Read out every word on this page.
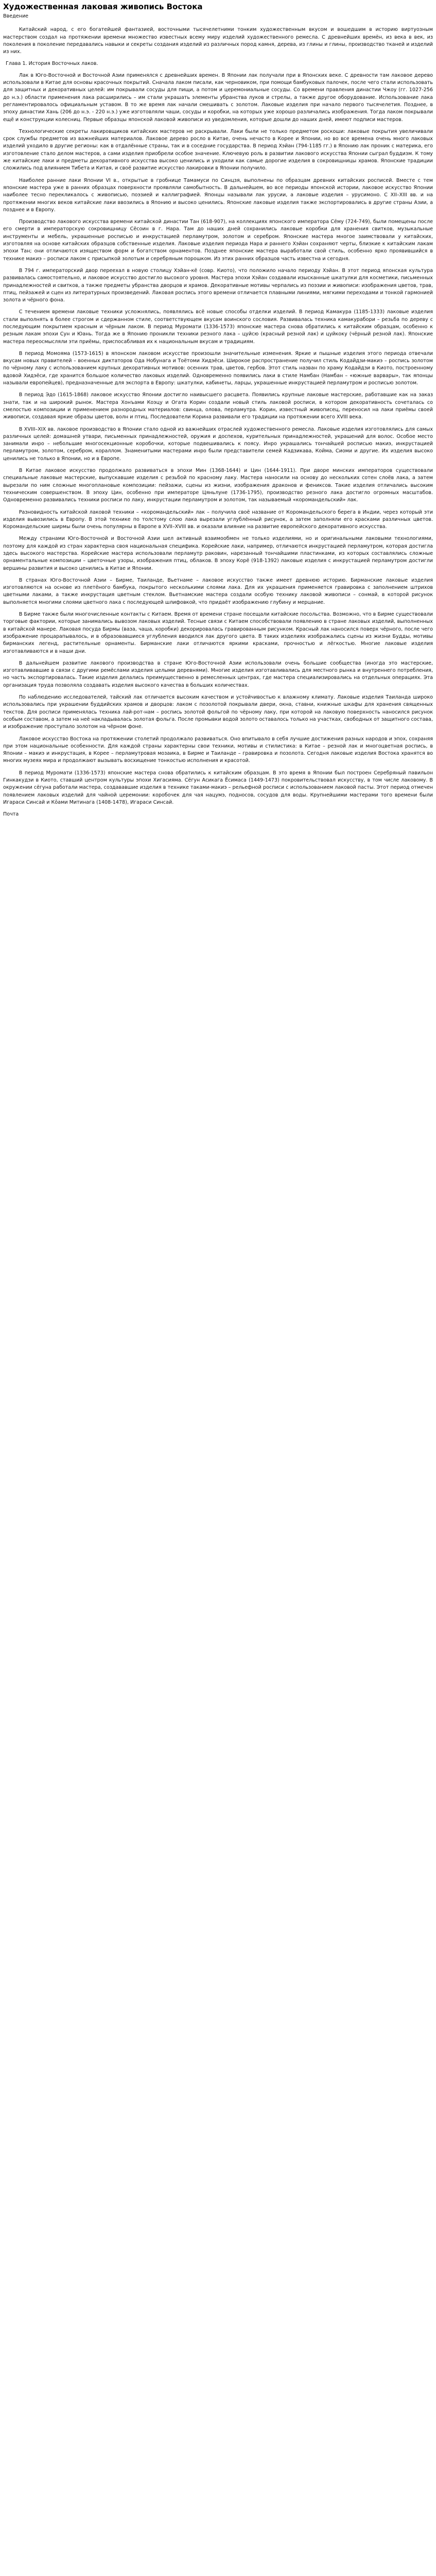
Художественная лаковая живопись Востока
Введение

Китайский народ, с его богатейшей фантазией, восточными тысячелетними тонким художественным вкусом и вошедшим в историю виртуозным мастерством создал на протяжении времени множество известных всему миру изделий художественного ремесла. С древнейших времён, из века в век, из поколения в поколение передавались навыки и секреты создания изделий из различных пород камня, дерева, из глины и глины, производство тканей и изделий из них.

Глава 1. История Восточных лаков.

Лак в Юго-Восточной и Восточной Азии применялся с древнейших времен. В Японии лак получали при в Японских веке. С древности там лаковое дерево использовали в Китае для основы красочных покрытий. Сначала лаком писали, как черновиком, при помощи бамбуковых палочек, после чего стали использовать для защитных и декоративных целей: им покрывали сосуды для пищи, а потом и церемониальные сосуды. Со времени правления династии Чжоу (гг. 1027-256 до н.э.) области применения лака расширились – им стали украшать элементы убранства луков и стрелы, а также другое оборудование. Использование лака регламентировалось официальным уставом. В то же время лак начали смешивать с золотом. Лаковые изделия при начало первого тысячелетия. Позднее, в эпоху династии Хань (206 до н.э. - 220 н.э.) уже изготовляли чаши, сосуды и коробки, на которых уже хорошо различались изображения. Тогда лаком покрывали ещё и конструкции колесниц. Первые образцы японской лаковой живописи из уведомления, которые дошли до наших дней, имеют подписи мастеров.

Технологические секреты лакировщиков китайских мастеров не раскрывали. Лаки были не только предметом роскоши: лаковые покрытия увеличивали срок службы предметов из важнейших материалов. Лаковое дерево росло в Китае, очень нечасто в Корее и Японии, но во все времена очень много лаковых изделий уходило в другие регионы: как в отдалённые страны, так и в соседние государства. В период Хэйан (794-1185 гг.) в Японию лак проник с материка, его изготовление стало делом мастеров, а сами изделия приобрели особое значение. Ключевую роль в развитии лакового искусства Японии сыграл буддизм. К тому же китайские лаки и предметы декоративного искусства высоко ценились и уходили как самые дорогие изделия в сокровищницы храмов. Японские традиции сложились под влиянием Тибета и Китая, и своё развитие искусство лакировки в Японии получило.

Наиболее ранние лаки Японии VI в., открытые в гробнице Тамамуси по Синцзя, выполнены по образцам древних китайских росписей. Вместе с тем японские мастера уже в ранних образцах поверхности проявляли самобытность. В дальнейшем, во все периоды японской истории, лаковое искусство Японии наиболее тесно перекликалось с живописью, поэзией и каллиграфией. Японцы называли лак урусии, а лаковые изделия – урусимоно. С XII–XIII вв. и на протяжении многих веков китайские лаки ввозились в Японию и высоко ценились. Японские лаковые изделия также экспортировались в другие страны Азии, а позднее и в Европу.

Производство лакового искусства времени китайской династии Тан (618-907), на коллекциях японского императора Сёму (724-749), были помещены после его смерти в императорскую сокровищницу Сёсоин в г. Нара. Там до наших дней сохранились лаковые коробки для хранения свитков, музыкальные инструменты и мебель, украшенные росписью и инкрустацией перламутром, золотом и серебром. Японские мастера многое заимствовали у китайских, изготовляя на основе китайских образцов собственные изделия. Лаковые изделия периода Нара и раннего Хэйан сохраняют черты, близкие к китайским лакам эпохи Тан; они отличаются изяществом форм и богатством орнаментов. Позднее японские мастера выработали свой стиль, особенно ярко проявившийся в технике макиэ – росписи лаком с присыпкой золотым и серебряным порошком. Из этих ранних образцов часть известна и сегодня.

В 794 г. императорский двор переехал в новую столицу Хэйан-кё (совр. Киото), что положило начало периоду Хэйан. В этот период японская культура развивалась самостоятельно, и лаковое искусство достигло высокого уровня. Мастера эпохи Хэйан создавали изысканные шкатулки для косметики, письменных принадлежностей и свитков, а также предметы убранства дворцов и храмов. Декоративные мотивы черпались из поэзии и живописи: изображения цветов, трав, птиц, пейзажей и сцен из литературных произведений. Лаковая роспись этого времени отличается плавными линиями, мягкими переходами и тонкой гармонией золота и чёрного фона.

С течением времени лаковые техники усложнялись, появлялись всё новые способы отделки изделий. В период Камакура (1185-1333) лаковые изделия стали выполнять в более строгом и сдержанном стиле, соответствующем вкусам воинского сословия. Развивалась техника камакурабори – резьба по дереву с последующим покрытием красным и чёрным лаком. В период Муромати (1336-1573) японские мастера снова обратились к китайским образцам, особенно к резным лакам эпохи Сун и Юань. Тогда же в Японию проникли техники резного лака – цуйсю (красный резной лак) и цуйкоку (чёрный резной лак). Японские мастера переосмысляли эти приёмы, приспосабливая их к национальным вкусам и традициям.

В период Момояма (1573-1615) в японском лаковом искусстве произошли значительные изменения. Яркие и пышные изделия этого периода отвечали вкусам новых правителей – военных диктаторов Ода Нобунага и Тоётоми Хидэёси. Широкое распространение получил стиль Кодайдзи-макиэ – роспись золотом по чёрному лаку с использованием крупных декоративных мотивов: осенних трав, цветов, гербов. Этот стиль назван по храму Кодайдзи в Киото, построенному вдовой Хидэёси, где хранится большое количество лаковых изделий. Одновременно появились лаки в стиле Намбан (Намбан – «южные варвары», так японцы называли европейцев), предназначенные для экспорта в Европу: шкатулки, кабинеты, ларцы, украшенные инкрустацией перламутром и росписью золотом.

В период Эдо (1615-1868) лаковое искусство Японии достигло наивысшего расцвета. Появились крупные лаковые мастерские, работавшие как на заказ знати, так и на широкий рынок. Мастера Хонъами Коэцу и Огата Корин создали новый стиль лаковой росписи, в котором декоративность сочеталась со смелостью композиции и применением разнородных материалов: свинца, олова, перламутра. Корин, известный живописец, переносил на лаки приёмы своей живописи, создавая яркие образы цветов, волн и птиц. Последователи Корина развивали его традиции на протяжении всего XVIII века.

В XVIII–XIX вв. лаковое производство в Японии стало одной из важнейших отраслей художественного ремесла. Лаковые изделия изготовлялись для самых различных целей: домашней утвари, письменных принадлежностей, оружия и доспехов, курительных принадлежностей, украшений для волос. Особое место занимали инро – небольшие многосекционные коробочки, которые подвешивались к поясу. Инро украшались тончайшей росписью макиэ, инкрустацией перламутром, золотом, серебром, кораллом. Знаменитыми мастерами инро были представители семей Кадзикава, Койма, Сиоми и другие. Их изделия высоко ценились не только в Японии, но и в Европе.

В Китае лаковое искусство продолжало развиваться в эпохи Мин (1368-1644) и Цин (1644-1911). При дворе минских императоров существовали специальные лаковые мастерские, выпускавшие изделия с резьбой по красному лаку. Мастера наносили на основу до нескольких сотен слоёв лака, а затем вырезали по ним сложные многоплановые композиции: пейзажи, сцены из жизни, изображения драконов и фениксов. Такие изделия отличались высоким техническим совершенством. В эпоху Цин, особенно при императоре Цяньлуне (1736-1795), производство резного лака достигло огромных масштабов. Одновременно развивались техники росписи по лаку, инкрустации перламутром и золотом, так называемый «коромандельский» лак.

Разновидность китайской лаковой техники – «коромандельский» лак – получила своё название от Коромандельского берега в Индии, через который эти изделия вывозились в Европу. В этой технике по толстому слою лака вырезали углублённый рисунок, а затем заполняли его красками различных цветов. Коромандельские ширмы были очень популярны в Европе в XVII–XVIII вв. и оказали влияние на развитие европейского декоративного искусства.

Между странами Юго-Восточной и Восточной Азии шел активный взаимообмен не только изделиями, но и оригинальными лаковыми технологиями, поэтому для каждой из стран характерна своя национальная специфика. Корейские лаки, например, отличаются инкрустацией перламутром, которая достигла здесь высокого мастерства. Корейские мастера использовали перламутр раковин, нарезанный тончайшими пластинками, из которых составлялись сложные орнаментальные композиции – цветочные узоры, изображения птиц, облаков. В эпоху Корё (918-1392) лаковые изделия с инкрустацией перламутром достигли вершины развития и высоко ценились в Китае и Японии.

В странах Юго-Восточной Азии – Бирме, Таиланде, Вьетнаме – лаковое искусство также имеет древнюю историю. Бирманские лаковые изделия изготовляются на основе из плетёного бамбука, покрытого несколькими слоями лака. Для их украшения применяется гравировка с заполнением штрихов цветными лаками, а также инкрустация цветным стеклом. Вьетнамские мастера создали особую технику лаковой живописи – сонмай, в которой рисунок выполняется многими слоями цветного лака с последующей шлифовкой, что придаёт изображению глубину и мерцание.

В Бирме также были многочисленные контакты с Китаем. Время от времени стране посещали китайские посольства. Возможно, что в Бирме существовали торговые фактории, которые занимались вывозом лаковых изделий. Тесные связи с Китаем способствовали появлению в стране лаковых изделий, выполненных в китайской манере. Лаковая посуда Бирмы (ваза, чаша, коробки) декорировалась гравированным рисунком. Красный лак наносился поверх чёрного, после чего изображение процарапывалось, и в образовавшиеся углубления вводился лак другого цвета. В таких изделиях изображались сцены из жизни Будды, мотивы бирманских легенд, растительные орнаменты. Бирманские лаки отличаются яркими красками, прочностью и лёгкостью. Многие лаковые изделия изготавливаются и в наши дни.

В дальнейшем развитие лакового производства в стране Юго-Восточной Азии использовали очень большие сообщества (иногда это мастерские, изготавливавшие в связи с другими ремёслами изделия целыми деревнями). Многие изделия изготавливались для местного рынка и внутреннего потребления, но часть экспортировалась. Такие изделия делались преимущественно в ремесленных центрах, где мастера специализировались на отдельных операциях. Эта организация труда позволяла создавать изделия высокого качества в больших количествах.

По наблюдению исследователей, тайский лак отличается высоким качеством и устойчивостью к влажному климату. Лаковые изделия Таиланда широко использовались при украшении буддийских храмов и дворцов: лаком с позолотой покрывали двери, окна, ставни, книжные шкафы для хранения священных текстов. Для росписи применялась техника лай-рот-нам – роспись золотой фольгой по чёрному лаку, при которой на лаковую поверхность наносился рисунок особым составом, а затем на неё накладывалась золотая фольга. После промывки водой золото оставалось только на участках, свободных от защитного состава, и изображение проступало золотом на чёрном фоне.

Лаковое искусство Востока на протяжении столетий продолжало развиваться. Оно впитывало в себя лучшие достижения разных народов и эпох, сохраняя при этом национальные особенности. Для каждой страны характерны свои техники, мотивы и стилистика: в Китае – резной лак и многоцветная роспись, в Японии – макиэ и инкрустация, в Корее – перламутровая мозаика, в Бирме и Таиланде – гравировка и позолота. Сегодня лаковые изделия Востока хранятся во многих музеях мира и продолжают вызывать восхищение тонкостью исполнения и красотой.

В период Муромати (1336-1573) японские мастера снова обратились к китайским образцам. В это время в Японии был построен Серебряный павильон Гинкакудзи в Киото, ставший центром культуры эпохи Хигасияма. Сёгун Асикага Ёсимаса (1449-1473) покровительствовал искусству, в том числе лаковому. В окружении сёгуна работали мастера, создававшие изделия в технике таками-макиэ – рельефной росписи с использованием лаковой пасты. Этот период отмечен появлением лаковых изделий для чайной церемонии: коробочек для чая нацумэ, подносов, сосудов для воды. Крупнейшими мастерами того времени были Игараси Синсай и Кōами Митинага (1408-1478), Игараси Синсай.

Почта
